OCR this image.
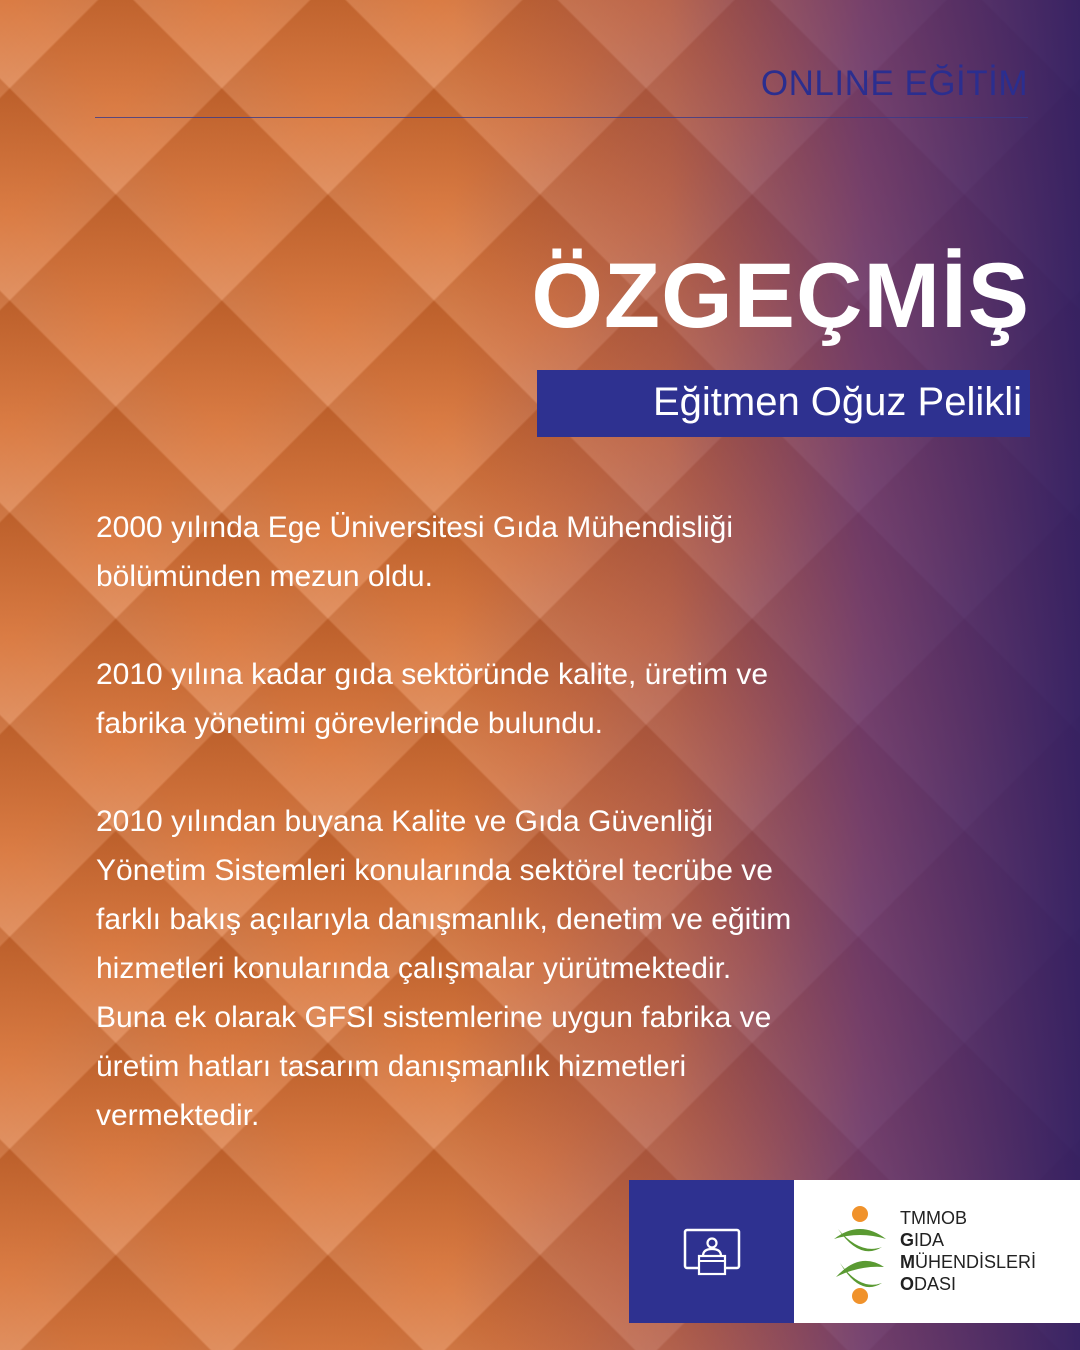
ONLINE EĞİTİM
ÖZGEÇMİŞ
Eğitmen Oğuz Pelikli

2000 yılında Ege Üniversitesi Gıda Mühendisliği
bölümünden mezun oldu.

2010 yılına kadar gıda sektöründe kalite, üretim ve
fabrika yönetimi görevlerinde bulundu.

2010 yılından buyana Kalite ve Gıda Güvenliği
Yönetim Sistemleri konularında sektörel tecrübe ve
farklı bakış açılarıyla danışmanlık, denetim ve eğitim
hizmetleri konularında çalışmalar yürütmektedir.
Buna ek olarak GFSI sistemlerine uygun fabrika ve
üretim hatları tasarım danışmanlık hizmetleri
vermektedir.

TMMOB
GIDA
MÜHENDİSLERİ
ODASI
